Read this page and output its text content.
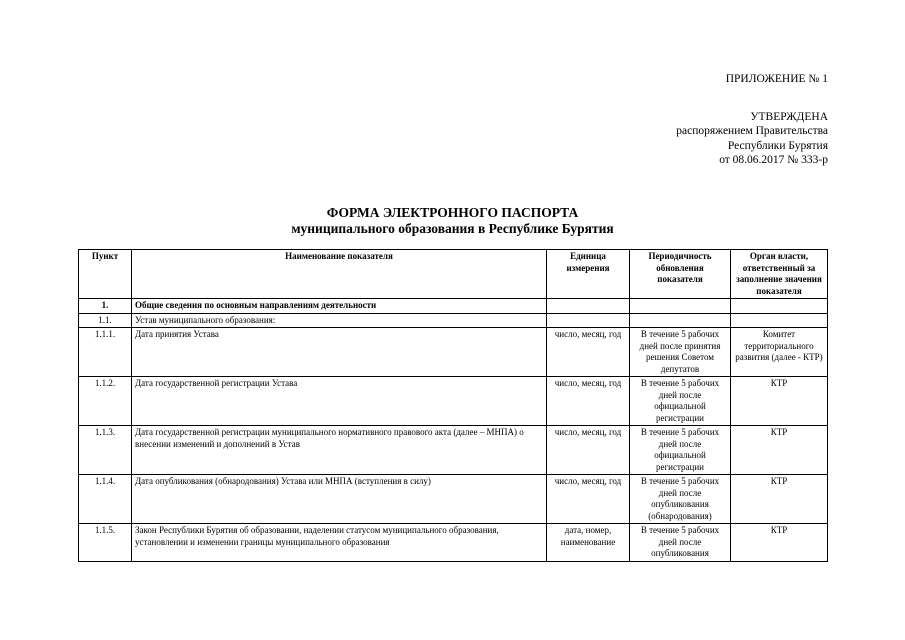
ПРИЛОЖЕНИЕ № 1
УТВЕРЖДЕНА
распоряжением Правительства
Республики Бурятия
от 08.06.2017 № 333-р
ФОРМА ЭЛЕКТРОННОГО ПАСПОРТА
муниципального образования в Республике Бурятия
Пункт	Наименование показателя	Единица измерения	Периодичность обновления показателя	Орган власти, ответственный за заполнение значения показателя
1.	Общие сведения по основным направлениям деятельности			
1.1.	Устав муниципального образования:			
1.1.1.	Дата принятия Устава	число, месяц, год	В течение 5 рабочих дней после принятия решения Советом депутатов	Комитет территориального развития (далее - КТР)
1.1.2.	Дата государственной регистрации Устава	число, месяц, год	В течение 5 рабочих дней после официальной регистрации	КТР
1.1.3.	Дата государственной регистрации муниципального нормативного правового акта (далее – МНПА) о внесении изменений и дополнений в Устав	число, месяц, год	В течение 5 рабочих дней после официальной регистрации	КТР
1.1.4.	Дата опубликования (обнародования) Устава или МНПА (вступления в силу)	число, месяц, год	В течение 5 рабочих дней после опубликования (обнародования)	КТР
1.1.5.	Закон Республики Бурятия об образовании, наделении статусом муниципального образования, установлении и изменении границы муниципального образования	дата, номер, наименование	В течение 5 рабочих дней после опубликования	КТР
